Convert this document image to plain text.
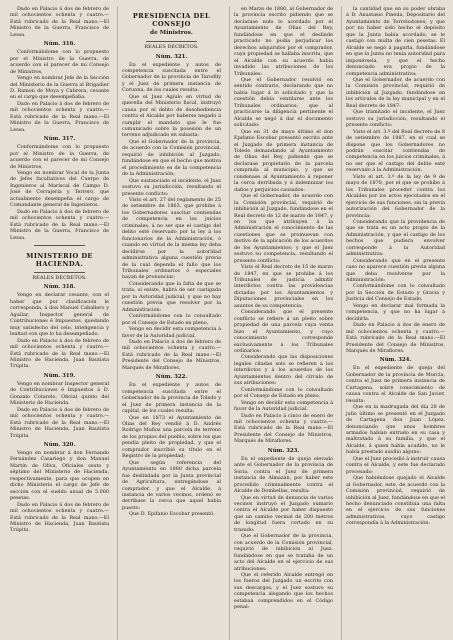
Dado en Palacio á dos de febrero de mil ochocientos ochenta y cuatro.— Está rubricado de la Real mano.—El Ministro de la Guerra, Francisco de Lessa.

Núm. 316.

Conformándome con lo propuesto por el Ministro de la Guerra, de acuerdo con el parecer de mi Consejo de Ministros,

Vengo en nombrar Jefe de la Sección del Ministerio de la Guerra al Brigadier D. Ramon de Moya y Cabrera, cesante en el cargo que desempeñaba.

Dado en Palacio á dos de febrero de mil ochocientos ochenta y cuatro.—Está rubricado de la Real mano.—El Ministro de la Guerra, Francisco de Lessa.

Núm. 317.

Conformándome con lo propuesto por el Ministro de la Guerra, de acuerdo con el parecer de mi Consejo de Ministros,

Vengo en nombrar Vocal de la Junta de Jefes facultativos del Cuerpo de Ingenieros al Mariscal de Campo D. José de Cerrajería y Terrero, que actualmente desempeña el cargo de Comandante general de Ingenieros.

Dado en Palacio á dos de febrero de mil ochocientos ochenta y cuatro.—Está rubricado de la Real mano.—El Ministro de la Guerra, Francisco de Lessa.

MINISTERIO DE HACIENDA.
REALES DECRETOS.
Núm. 318.

Vengo en declarar cesante, con el haber que por clasificación le corresponda, á don Manuel Caballero y Aguilar, Inspector general de Contribuciones é Impuestos, quedando muy satisfecho del celo, inteligencia y lealtad con que lo ha desempeñado.

Dado en Palacio á dos de febrero de mil ochocientos ochenta y cuatro.—Está rubricado de la Real mano.—El Ministro de Hacienda, Juan Bautista Trúpita.

Núm. 319.

Vengo en nombrar Inspector general de Contribuciones é Impuestos á D. Gonzalo Cotarelo, Oficial quinto del Ministerio de Hacienda.

Dado en Palacio á dos de febrero de mil ochocientos ochenta y cuatro.—Está rubricado de la Real mano.—El Ministro de Hacienda, Juan Bautista Trúpita.

Núm. 320.

Vengo en nombrar á don Fernando Fernández Casariego y don Manuel Martín de Oliva, Oficiales sexto y séptimo del Ministerio de Hacienda, respectivamente, para que ocupen en dicho Ministerio el cargo de Jefe de sección con el sueldo anual de 5.000 pesetas.

Dado en Palacio á dos de febrero de mil ochocientos ochenta y cuatro.—Está rubricado de la Real mano.—El Ministro de Hacienda, Juan Bautista Trúpita.

PRESIDENCIA DEL CONSEJO
de Ministros.
REALES DECRETOS.
Núm. 321.

En el expediente y autos de competencia suscitada entre el Gobernador de la provincia de Tarodlly y el Juez de primera instancia de Corunna, de los cuales resulta:

Que el Juez Agiulo en virtud de querella del Ministerio fiscal, instruyó causa por el delito de desobediencia contra el Alcalde por haberse negado á cumplir el mandato que le fue comunicado sobre la posesión de un terreno adjudicado en subasta:

Que el Gobernador de la provincia, de acuerdo con la Comisión provincial, requirió de inhibición al Juzgado, fundándose en que el hecho que motiva el procedimiento es de la competencia de la Administración;

Que sustanciado el incidente, el Juez sostuvo su jurisdicción, resultando el presente conflicto:

Visto el art. 27 del reglamento de 25 de setiembre de 1863, que prohibe á los Gobernadores suscitar contiendas de competencia en los juicios criminales, á no ser que el castigo del delito esté reservado por la ley á los funcionarios de la Administración, ó cuando en virtud de la misma ley deba decidirse por la autoridad administrativa alguna cuestión previa de la cual dependa el fallo que los Tribunales ordinarios ó especiales hayan de pronunciar;

Considerando que la falta de que se trata, si existe, habrá de ser castigada por la Autoridad judicial, y que no hay cuestión previa que resolver por la Administración:

Conformándome con lo consultado por el Consejo de Estado en pleno,

Vengo en decidir esta competencia á favor de la Autoridad judicial.

Dado en Palacio á dos de febrero de mil ochocientos ochenta y cuatro.—Está rubricado de la Real mano.—El Presidente del Consejo de Ministros, Marqués de Miraflores.

Núm. 322.

En el expediente y autos de competencia suscitada entre el Gobernador de la provincia de Toledo y el Juez de primera instancia de la capital, de los cuales resulta:

Que en 1873 el Ayuntamiento de Olias del Rey vendió á D. Andrés Rodrigo Muñoz una parcela de terreno de los propios del pueblo, sobre los que pendía pleito de propiedad, y que el comprador inscribió su título en el Registro de la propiedad;

Que según referencia del Ayuntamiento en 1880 dicha parcela fue deslindada por la Junta provincial de Agricultura, entregándose al comprador, y que el Alcalde, á instancia de varios vecinos, ordenó se derribase la cerca que aquel había puesto:

Que D. Epifanio Escobar presentó,

en Marzo de 1880, al Gobernador de la provincia escrito pidiendo que se declarase nulo lo acordado por el Ayuntamiento de Olias del Rey, fundándose en que el deslinde practicado no podía perjudicar los derechos adquiridos por el comprador, cuya propiedad se hallaba inscrita, que el Alcalde con su acuerdo había invadido las atribuciones de los Tribunales:

Que el Gobernador resolvió en sentido contrario, declarando que no había lugar á lo solicitado y que la cuestión debía ventilarse ante los Tribunales ordinarios; que al practicarse la diligencia pertinente el Alcalde se negó á dar el documento solicitado:

Que en 31 de mayo último el don Epifanio Escobar presentó escrito ante el Juzgado de primera instancia de Toledo demandando al Ayuntamiento de Olias del Rey, pidiendo que se declarase propietario de la parcela comprada al municipio, y que se condenase al Ayuntamiento á reponer la cerca derribada y á indemnizar los daños y perjuicios causados:

Que el Gobernador, de acuerdo con la Comisión provincial, requirió de inhibición al Juzgado, fundándose en el Real decreto de 12 de marzo de 1847, y en los que atribuyen á la Administración el conocimiento de las cuestiones que se promuevan con motivo de la aplicación de los acuerdos de los Ayuntamientos; y que el Juez sostuvo su competencia, resultando el presente conflicto:

Visto el Real decreto de 15 de marzo de 1847, en que se prohibe á los Tribunales de justicia admitir interdictos contra las providencias dictadas por los Ayuntamientos y Diputaciones provinciales en los asuntos de su competencia:

Considerando que el presente conflicto se refiere á un pleito sobre propiedad de una parcela cuya venta hizo el Ayuntamiento, y cuyo conocimiento corresponde exclusivamente á los Tribunales ordinarios:

Considerando que las disposiciones legales citadas solo se refieren á los interdictos y á los acuerdos de los Ayuntamientos dentro del círculo de sus atribuciones:

Conformándome con lo consultado por el Consejo de Estado en pleno,

Vengo en decidir esta competencia á favor de la Autoridad judicial.

Dado en Palacio á cinco de enero de mil ochocientos ochenta y cuatro.—Está rubricado de la Real mano.—El Presidente del Consejo de Ministros, Marqués de Miraflores.

Núm. 323.

En el expediente de queja elevado ante el Gobernador de la provincia de Soria, contra el Juez de primera instancia de Almazán, por haber este procedido criminalmente contra el Alcalde de Dombellas, resulta:

Que en virtud de denuncia de varios vecinos instruyó el Juzgado sumario contra el Alcalde por haber dispuesto que un camino vecinal de 200 metros de longitud fuera cortado en su trazado:

Que el Gobernador de la provincia, con acuerdo de la Comisión provincial, requirió de inhibición al Juez, fundándose en que se trataba de un acto del Alcalde en el ejercicio de sus atribuciones:

Que el referido Alcalde entregó en los fueros del Juzgado un escrito con sus descargos, y el Juez sostuvo su competencia alegando que los hechos estaban comprendidos en el Código penal:

la cantidad que en su poder obraba á D. Anastasio Pineda, Depositario del Ayuntamiento de Torrelodones; y que por no haber sido hecho el depósito que la Junta había acordado, se le castigó con multa de cien pesetas. El Alcalde se negó á pagarla, fundándose en que la Junta no tenía autoridad para imponérsela, y que el hecho denunciado era propio de la competencia administrativa:

Que el Gobernador, de acuerdo con la Comisión provincial, requirió de inhibición al Juzgado, fundándose en los artículos de la ley municipal y en el Real decreto de 1847:

Que tramitado el incidente, el Juez sostuvo su jurisdicción, resultando el presente conflicto:

Visto el art. 3.º del Real decreto de 8 de setiembre de 1887, en el cual se dispone que los Gobernadores no podrán suscitar contiendas de competencia en los juicios criminales, á no ser que el castigo del delito esté reservado á la Administración:

Visto el art. 3.º de la ley de 9 de mayo de 1870, por el que se prohibe á los Tribunales proceder contra los Alcaldes por los actos ejecutados en el ejercicio de sus funciones, sin la previa autorización del Gobernador de la provincia:

Considerando que la providencia de que se trata es un acto propio de la Administración, y que el castigo de los hechos que pudiera envolver corresponde á la Autoridad administrativa:

Considerando que en el presente caso no aparece cuestión previa alguna que deba resolverse por la Administración:

Conformándome con lo consultado por la Sección de Estado y Gracia y Justicia del Consejo de Estado,

Vengo en declarar mal formada la competencia, y que no ha lugar á decidirla.

Dado en Palacio á dos de enero de mil ochocientos ochenta y cuatro.—Está rubricado de la Real mano.—El Presidente del Consejo de Ministros, Marqués de Miraflores.

Núm. 324.

En el expediente de queja del Gobernador de la provincia de Murcia, contra el Juez de primera instancia de Cartagena, sobre conocimiento de causa contra el Alcalde de San Javier, resulta:

Que en la madrugada del día 28 de julio último se presentó en el Juzgado de Cartagena don Juan López, denunciando que unos hombres armados habían entrado en su casa y maltratado á su familia, y que el Alcalde, á quien había acudido, no le había prestado auxilio alguno:

Que el Juez procedió á instruir causa contra el Alcalde, y este fue declarado procesado:

Que habiéndose quejado el Alcalde al Gobernador, este, de acuerdo con la Comisión provincial, requirió de inhibición al Juez, fundándose en que el hecho denunciado constituía una falta en el ejercicio de sus funciones administrativas, cuyo castigo correspondía á la Administración:
